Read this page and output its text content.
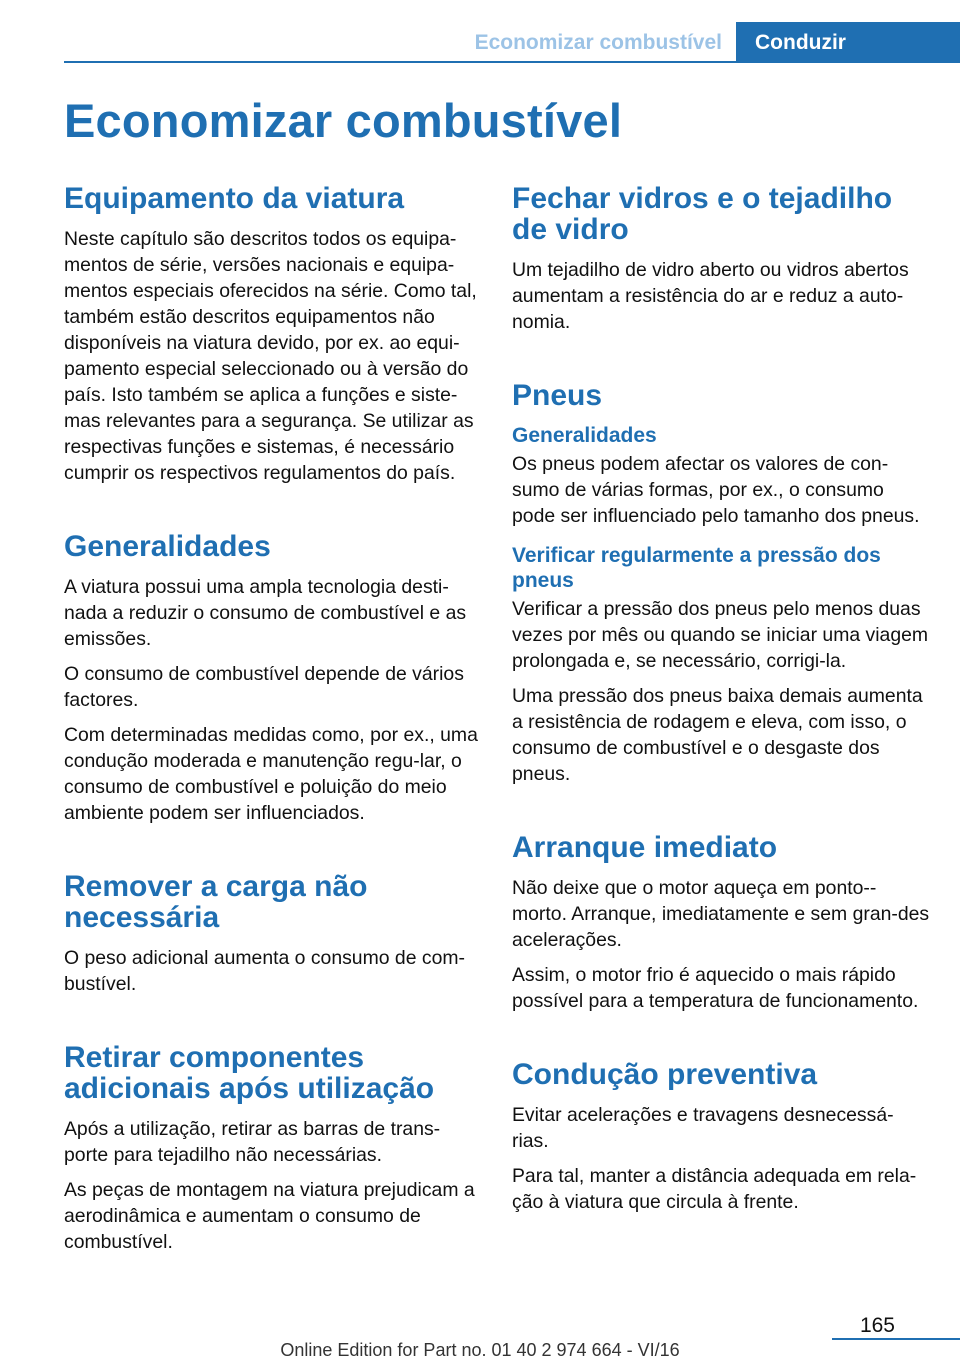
Economizar combustível	Conduzir
Economizar combustível
Equipamento da viatura

Neste capítulo são descritos todos os equipa-mentos de série, versões nacionais e equipa-mentos especiais oferecidos na série. Como tal, também estão descritos equipamentos não disponíveis na viatura devido, por ex. ao equi-pamento especial seleccionado ou à versão do país. Isto também se aplica a funções e siste-mas relevantes para a segurança. Se utilizar as respectivas funções e sistemas, é necessário cumprir os respectivos regulamentos do país.

Generalidades

A viatura possui uma ampla tecnologia desti-nada a reduzir o consumo de combustível e as emissões.

O consumo de combustível depende de vários factores.

Com determinadas medidas como, por ex., uma condução moderada e manutenção regu-lar, o consumo de combustível e poluição do meio ambiente podem ser influenciados.

Remover a carga não necessária

O peso adicional aumenta o consumo de com-bustível.

Retirar componentes adicionais após utilização

Após a utilização, retirar as barras de trans-porte para tejadilho não necessárias.

As peças de montagem na viatura prejudicam a aerodinâmica e aumentam o consumo de combustível.

Fechar vidros e o tejadilho de vidro

Um tejadilho de vidro aberto ou vidros abertos aumentam a resistência do ar e reduz a auto-nomia.

Pneus
Generalidades

Os pneus podem afectar os valores de con-sumo de várias formas, por ex., o consumo pode ser influenciado pelo tamanho dos pneus.

Verificar regularmente a pressão dos pneus

Verificar a pressão dos pneus pelo menos duas vezes por mês ou quando se iniciar uma viagem prolongada e, se necessário, corrigi-la.

Uma pressão dos pneus baixa demais aumenta a resistência de rodagem e eleva, com isso, o consumo de combustível e o desgaste dos pneus.

Arranque imediato

Não deixe que o motor aqueça em ponto--morto. Arranque, imediatamente e sem gran-des acelerações.

Assim, o motor frio é aquecido o mais rápido possível para a temperatura de funcionamento.

Condução preventiva

Evitar acelerações e travagens desnecessá-rias.

Para tal, manter a distância adequada em rela-ção à viatura que circula à frente.

165
Online Edition for Part no. 01 40 2 974 664 - VI/16
